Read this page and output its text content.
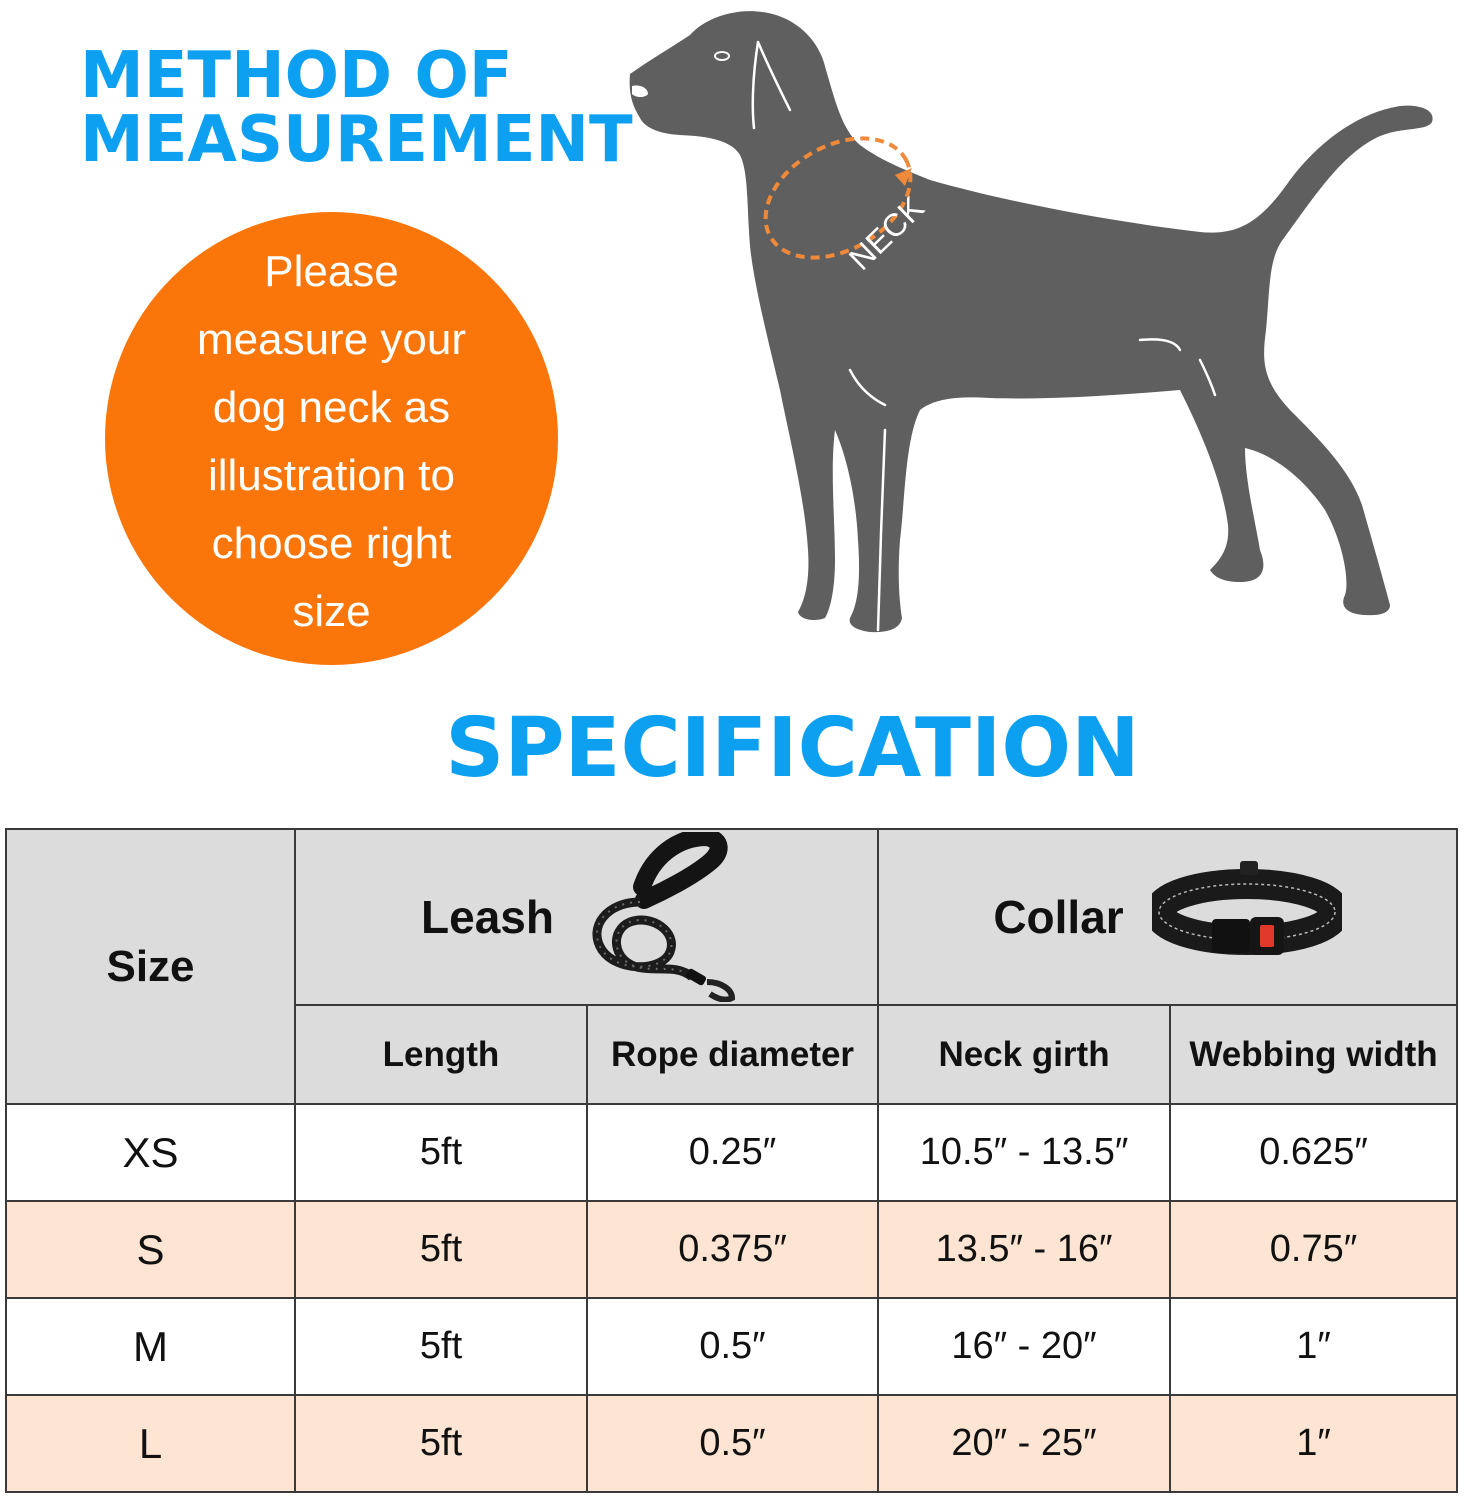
METHOD OF
MEASUREMENT
Please
measure your
dog neck as
illustration to
choose right
size
NECK
SPECIFICATION
Size	Leash		Collar	

	Length	Rope diameter	Neck girth	Webbing width
XS	5ft	0.25″	10.5″ - 13.5″	0.625″
S	5ft	0.375″	13.5″ - 16″	0.75″
M	5ft	0.5″	16″ - 20″	1″
L	5ft	0.5″	20″ - 25″	1″
